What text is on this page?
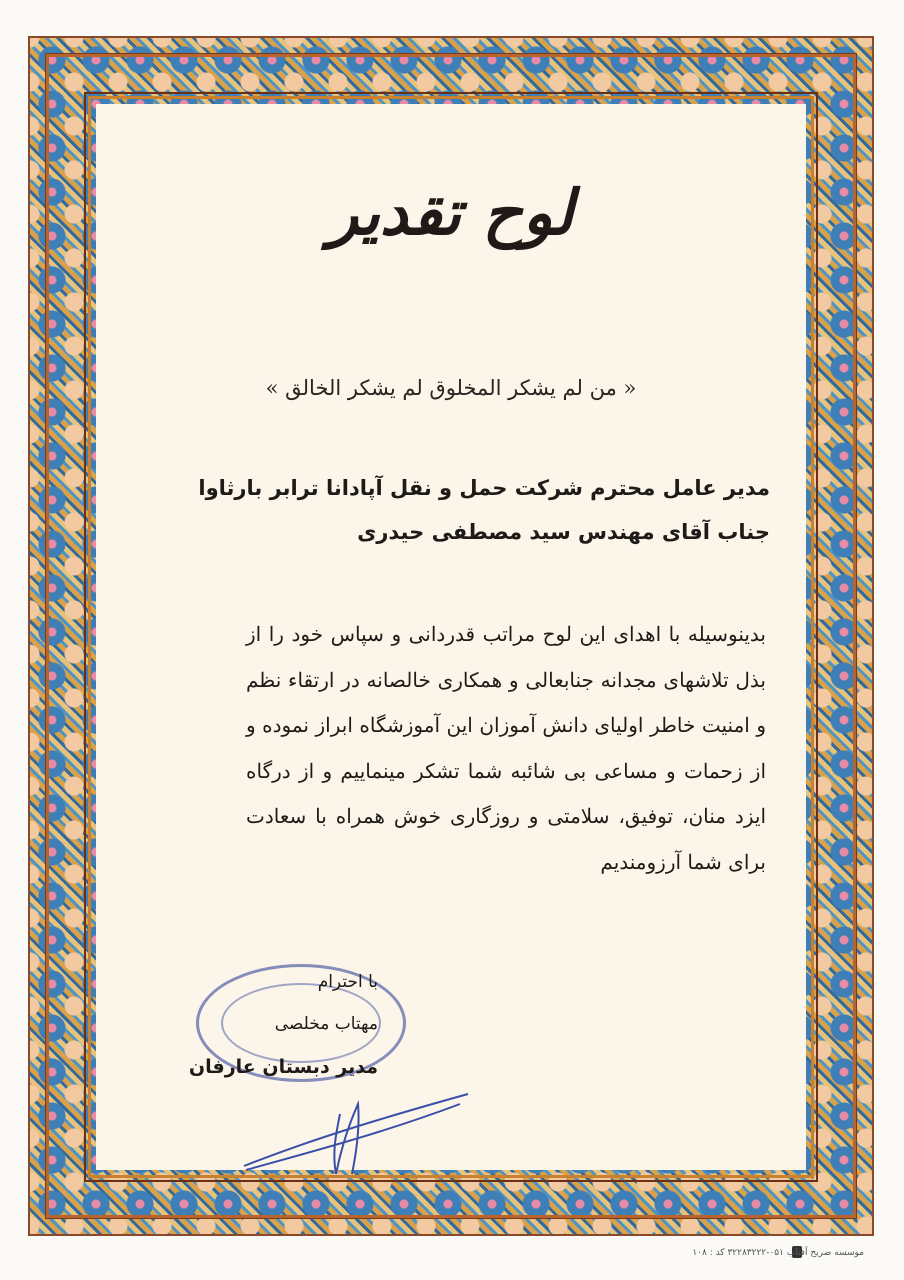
لوح تقدیر
« من لم یشکر المخلوق لم یشکر الخالق »
مدیر عامل محترم شرکت حمل و نقل آپادانا ترابر بارثاوا
جناب آقای مهندس سید مصطفی حیدری
بدینوسیله با اهدای این لوح مراتب قدردانی و سپاس خود را از بذل تلاشهای مجدانه جنابعالی و همکاری خالصانه در ارتقاء نظم و امنیت خاطر اولیای دانش آموزان این آموزشگاه ابراز نموده و از زحمات و مساعی بی شائبه شما تشکر مینماییم و از درگاه ایزد منان، توفیق، سلامتی و روزگاری خوش همراه با سعادت برای شما آرزومندیم
با احترام
مهتاب مخلصی
مدیر دبستان عارفان
موسسه ضریح آفتاب ۰۵۱-۳۲۲۸۳۲۲۲ کد : ۱۰۸
